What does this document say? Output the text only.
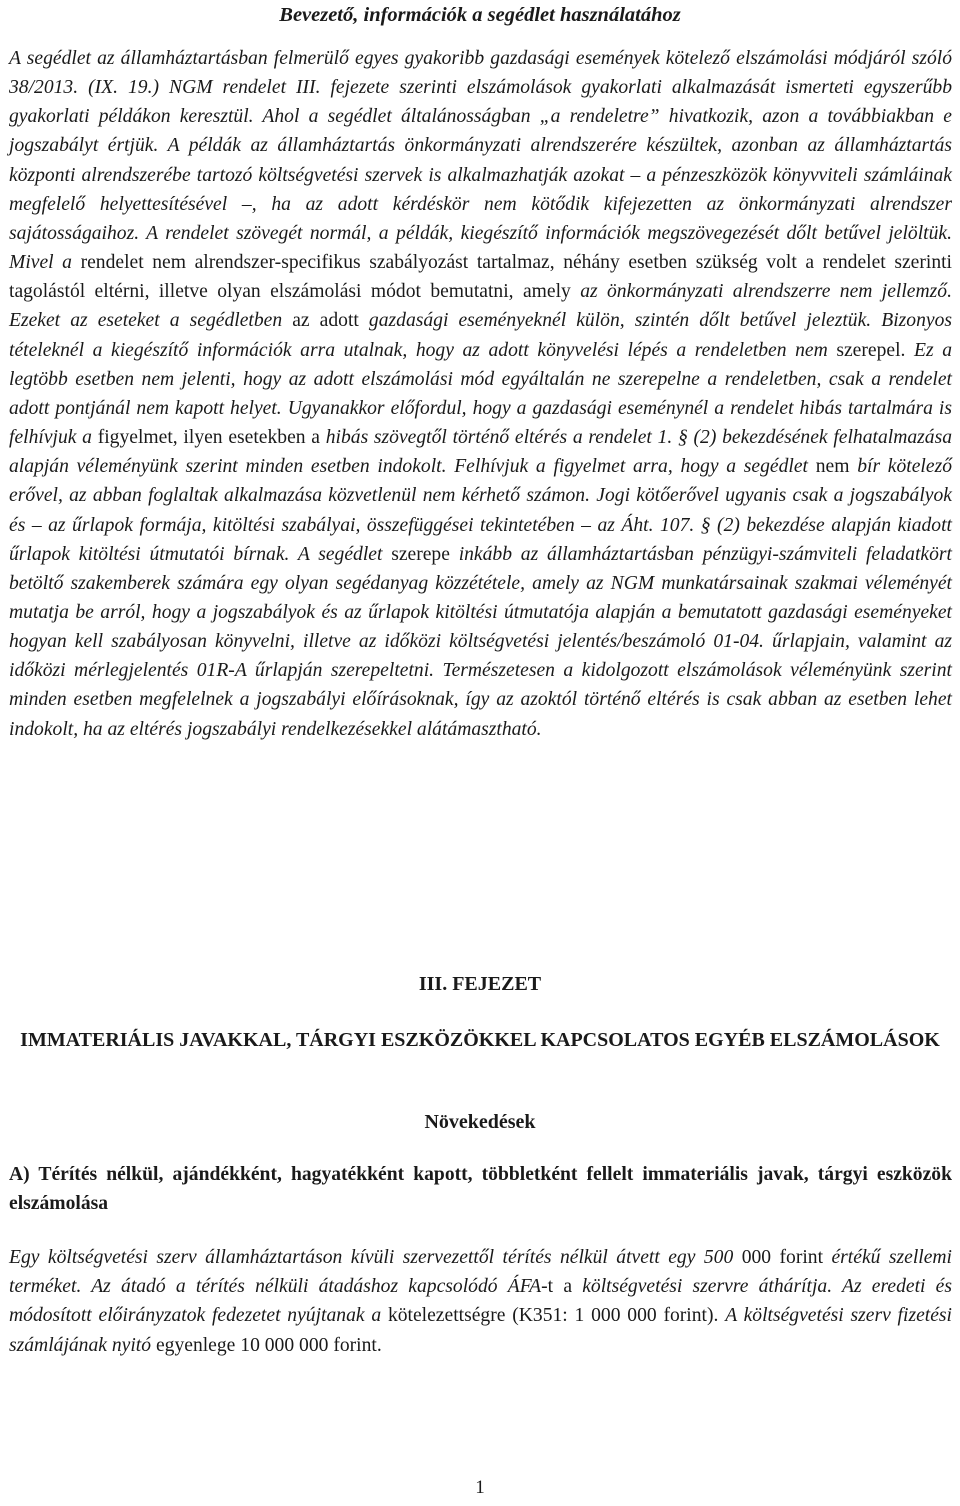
Bevezető, információk a segédlet használatához

A segédlet az államháztartásban felmerülő egyes gyakoribb gazdasági események kötelező elszámolási módjáról szóló 38/2013. (IX. 19.) NGM rendelet III. fejezete szerinti elszámolások gyakorlati alkalmazását ismerteti egyszerűbb gyakorlati példákon keresztül. Ahol a segédlet általánosságban „a rendeletre” hivatkozik, azon a továbbiakban e jogszabályt értjük. A példák az államháztartás önkormányzati alrendszerére készültek, azonban az államháztartás központi alrendszerébe tartozó költségvetési szervek is alkalmazhatják azokat – a pénzeszközök könyvviteli számláinak megfelelő helyettesítésével –, ha az adott kérdéskör nem kötődik kifejezetten az önkormányzati alrendszer sajátosságaihoz. A rendelet szövegét normál, a példák, kiegészítő információk megszövegezését dőlt betűvel jelöltük. Mivel a rendelet nem alrendszer-specifikus szabályozást tartalmaz, néhány esetben szükség volt a rendelet szerinti tagolástól eltérni, illetve olyan elszámolási módot bemutatni, amely az önkormányzati alrendszerre nem jellemző. Ezeket az eseteket a segédletben az adott gazdasági eseményeknél külön, szintén dőlt betűvel jeleztük. Bizonyos tételeknél a kiegészítő információk arra utalnak, hogy az adott könyvelési lépés a rendeletben nem szerepel. Ez a legtöbb esetben nem jelenti, hogy az adott elszámolási mód egyáltalán ne szerepelne a rendeletben, csak a rendelet adott pontjánál nem kapott helyet. Ugyanakkor előfordul, hogy a gazdasági eseménynél a rendelet hibás tartalmára is felhívjuk a figyelmet, ilyen esetekben a hibás szövegtől történő eltérés a rendelet 1. § (2) bekezdésének felhatalmazása alapján véleményünk szerint minden esetben indokolt. Felhívjuk a figyelmet arra, hogy a segédlet nem bír kötelező erővel, az abban foglaltak alkalmazása közvetlenül nem kérhető számon. Jogi kötőerővel ugyanis csak a jogszabályok és – az űrlapok formája, kitöltési szabályai, összefüggései tekintetében – az Áht. 107. § (2) bekezdése alapján kiadott űrlapok kitöltési útmutatói bírnak. A segédlet szerepe inkább az államháztartásban pénzügyi-számviteli feladatkört betöltő szakemberek számára egy olyan segédanyag közzététele, amely az NGM munkatársainak szakmai véleményét mutatja be arról, hogy a jogszabályok és az űrlapok kitöltési útmutatója alapján a bemutatott gazdasági eseményeket hogyan kell szabályosan könyvelni, illetve az időközi költségvetési jelentés/beszámoló 01-04. űrlapjain, valamint az időközi mérlegjelentés 01R-A űrlapján szerepeltetni. Természetesen a kidolgozott elszámolások véleményünk szerint minden esetben megfelelnek a jogszabályi előírásoknak, így az azoktól történő eltérés is csak abban az esetben lehet indokolt, ha az eltérés jogszabályi rendelkezésekkel alátámasztható.

III. FEJEZET
IMMATERIÁLIS JAVAKKAL, TÁRGYI ESZKÖZÖKKEL KAPCSOLATOS EGYÉB ELSZÁMOLÁSOK
Növekedések
A) Térítés nélkül, ajándékként, hagyatékként kapott, többletként fellelt immateriális javak, tárgyi eszközök elszámolása

Egy költségvetési szerv államháztartáson kívüli szervezettől térítés nélkül átvett egy 500 000 forint értékű szellemi terméket. Az átadó a térítés nélküli átadáshoz kapcsolódó ÁFA-t a költségvetési szervre áthárítja. Az eredeti és módosított előirányzatok fedezetet nyújtanak a kötelezettségre (K351: 1 000 000 forint). A költségvetési szerv fizetési számlájának nyitó egyenlege 10 000 000 forint.

1
